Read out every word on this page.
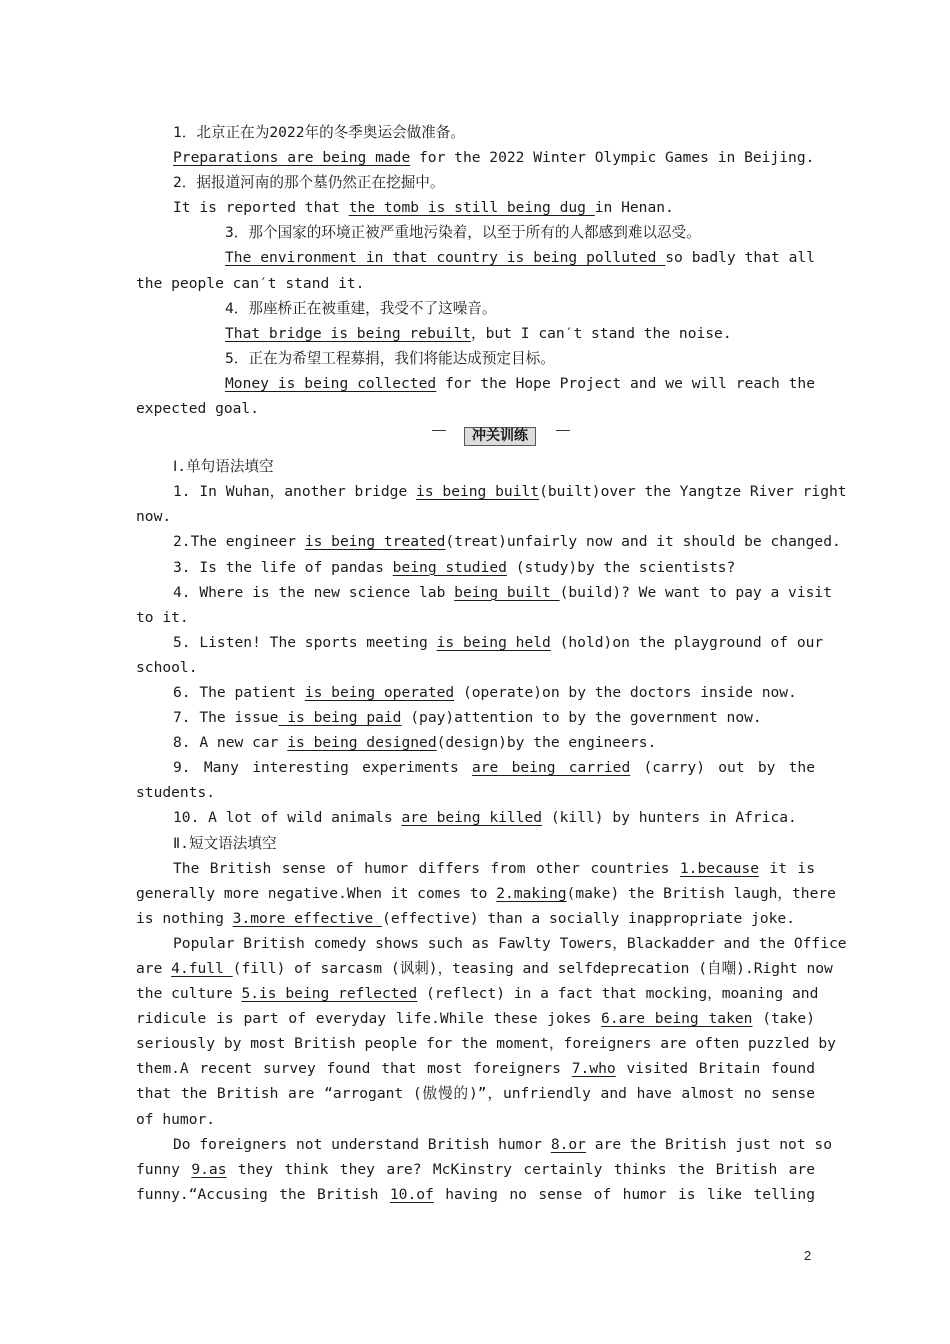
1．北京正在为2022年的冬季奥运会做准备。
Preparations are being made for the 2022 Winter Olympic Games in Beijing.
2．据报道河南的那个墓仍然正在挖掘中。
It is reported that the tomb is still being dug in Henan.
3．那个国家的环境正被严重地污染着，以至于所有的人都感到难以忍受。
The environment in that country is being polluted so badly that all
the people can′t stand it.
4．那座桥正在被重建，我受不了这噪音。
That bridge is being rebuilt，but I can′t stand the noise.
5．正在为希望工程募捐，我们将能达成预定目标。
Money is being collected for the Hope Project and we will reach the
expected goal.
冲关训练
Ⅰ.单句语法填空
1. In Wuhan，another bridge is being built(built)over the Yangtze River right
now.
2.The engineer is being treated(treat)unfairly now and it should be changed.
3. Is the life of pandas being studied (study)by the scientists?
4. Where is the new science lab being built (build)? We want to pay a visit
to it.
5. Listen! The sports meeting is being held (hold)on the playground of our
school.
6. The patient is being operated (operate)on by the doctors inside now.
7. The issue is being paid (pay)attention to by the government now.
8. A new car is being designed(design)by the engineers.
9. Many interesting experiments are being carried (carry) out by the
students.
10. A lot of wild animals are being killed (kill) by hunters in Africa.
Ⅱ.短文语法填空
The British sense of humor differs from other countries 1.because it is
generally more negative.When it comes to 2.making(make) the British laugh，there
is nothing 3.more effective (effective) than a socially inappropriate joke.
Popular British comedy shows such as Fawlty Towers，Blackadder and the Office
are 4.full (fill) of sarcasm (讽刺)，teasing and selfdeprecation (自嘲).Right now
the culture 5.is being reflected (reflect) in a fact that mocking，moaning and
ridicule is part of everyday life.While these jokes 6.are being taken (take)
seriously by most British people for the moment，foreigners are often puzzled by
them.A recent survey found that most foreigners 7.who visited Britain found
that the British are “arrogant (傲慢的)”，unfriendly and have almost no sense
of humor.
Do foreigners not understand British humor 8.or are the British just not so
funny 9.as they think they are? McKinstry certainly thinks the British are
funny.“Accusing the British 10.of having no sense of humor is like telling
2
